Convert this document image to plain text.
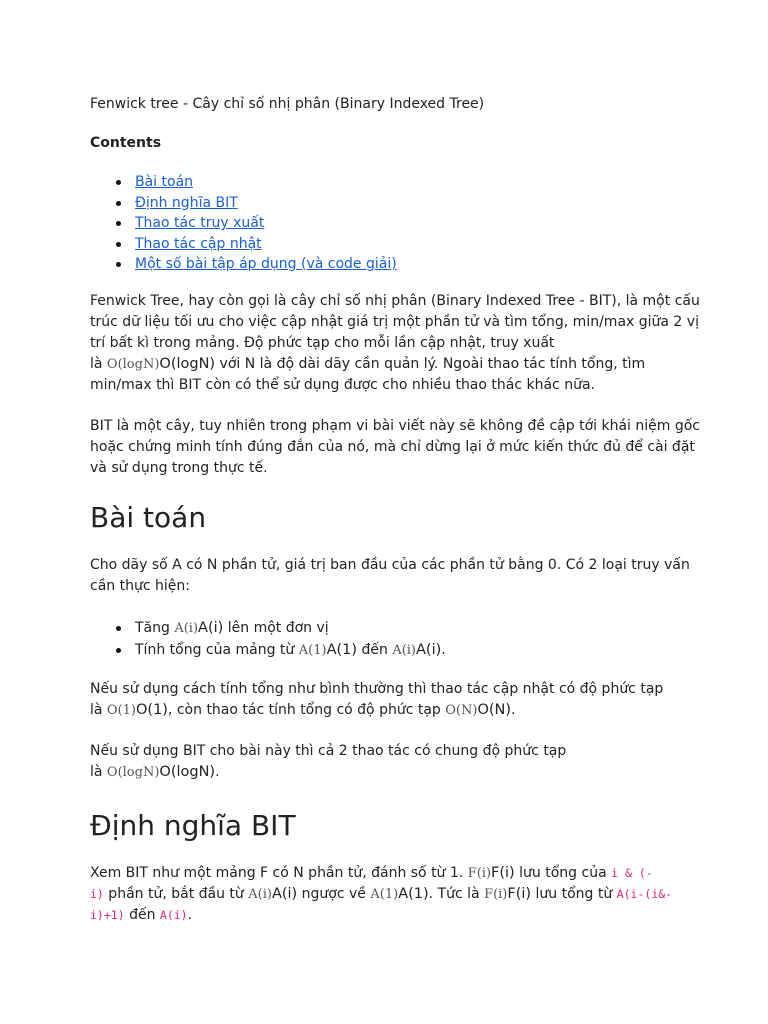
Fenwick tree - Cây chỉ số nhị phân (Binary Indexed Tree)
Contents
Bài toán
Định nghĩa BIT
Thao tác truy xuất
Thao tác cập nhật
Một số bài tập áp dụng (và code giải)
Fenwick Tree, hay còn gọi là cây chỉ số nhị phân (Binary Indexed Tree - BIT), là một cấu
trúc dữ liệu tối ưu cho việc cập nhật giá trị một phần tử và tìm tổng, min/max giữa 2 vị
trí bất kì trong mảng. Độ phức tạp cho mỗi lần cập nhật, truy xuất
là O(logN)O(logN) với N là độ dài dãy cần quản lý. Ngoài thao tác tính tổng, tìm
min/max thì BIT còn có thể sử dụng được cho nhiều thao thác khác nữa.
BIT là một cây, tuy nhiên trong phạm vi bài viết này sẽ không đề cập tới khái niệm gốc
hoặc chứng minh tính đúng đắn của nó, mà chỉ dừng lại ở mức kiến thức đủ để cài đặt
và sử dụng trong thực tế.
Bài toán
Cho dãy số A có N phần tử, giá trị ban đầu của các phần tử bằng 0. Có 2 loại truy vấn
cần thực hiện:
Tăng A(i)A(i) lên một đơn vị
Tính tổng của mảng từ A(1)A(1) đến A(i)A(i).
Nếu sử dụng cách tính tổng như bình thường thì thao tác cập nhật có độ phức tạp
là O(1)O(1), còn thao tác tính tổng có độ phức tạp O(N)O(N).
Nếu sử dụng BIT cho bài này thì cả 2 thao tác có chung độ phức tạp
là O(logN)O(logN).
Định nghĩa BIT
Xem BIT như một mảng F có N phần tử, đánh số từ 1. F(i)F(i) lưu tổng của i & (-
i) phần tử, bắt đầu từ A(i)A(i) ngược về A(1)A(1). Tức là F(i)F(i) lưu tổng từ A(i-(i&-
i)+1) đến A(i).
